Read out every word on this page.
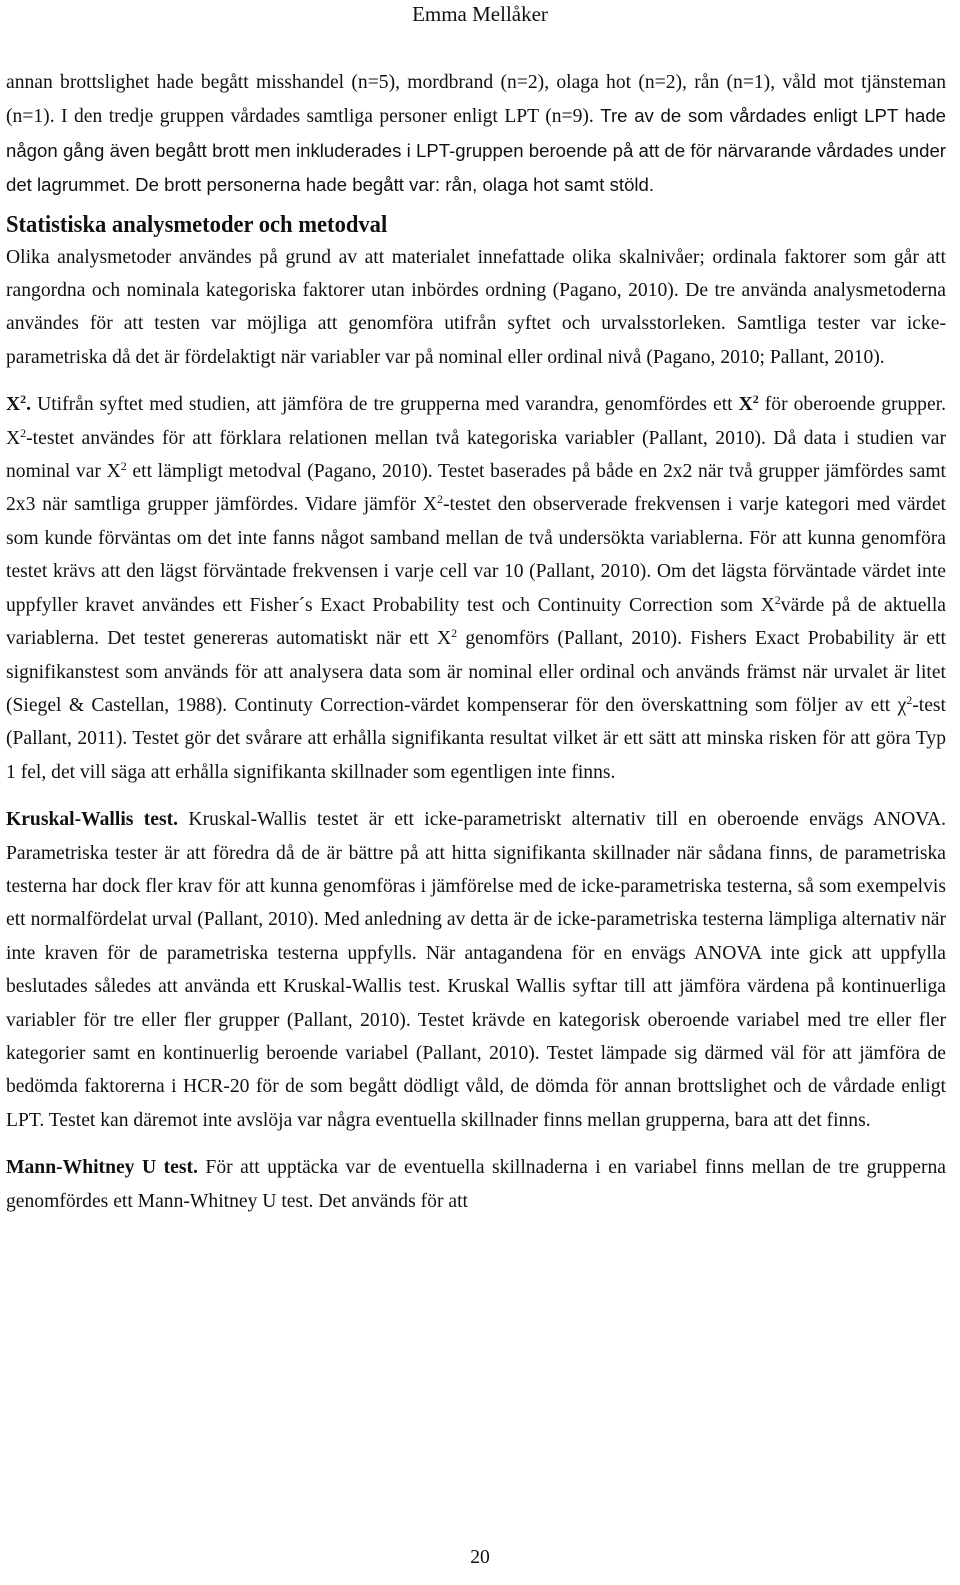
Emma Mellåker

annan brottslighet hade begått misshandel (n=5), mordbrand (n=2), olaga hot (n=2), rån (n=1), våld mot tjänsteman (n=1). I den tredje gruppen vårdades samtliga personer enligt LPT (n=9). Tre av de som vårdades enligt LPT hade någon gång även begått brott men inkluderades i LPT-gruppen beroende på att de för närvarande vårdades under det lagrummet. De brott personerna hade begått var: rån, olaga hot samt stöld.

Statistiska analysmetoder och metodval

Olika analysmetoder användes på grund av att materialet innefattade olika skalnivåer; ordinala faktorer som går att rangordna och nominala kategoriska faktorer utan inbördes ordning (Pagano, 2010). De tre använda analysmetoderna användes för att testen var möjliga att genomföra utifrån syftet och urvalsstorleken. Samtliga tester var icke-parametriska då det är fördelaktigt när variabler var på nominal eller ordinal nivå (Pagano, 2010; Pallant, 2010).

$X^2$. Utifrån syftet med studien, att jämföra de tre grupperna med varandra, genomfördes ett $X^2$ för oberoende grupper. $X^2$-testet användes för att förklara relationen mellan två kategoriska variabler (Pallant, 2010). Då data i studien var nominal var $X^2$ ett lämpligt metodval (Pagano, 2010). Testet baserades på både en 2x2 när två grupper jämfördes samt 2x3 när samtliga grupper jämfördes. Vidare jämför $X^2$-testet den observerade frekvensen i varje kategori med värdet som kunde förväntas om det inte fanns något samband mellan de två undersökta variablerna. För att kunna genomföra testet krävs att den lägst förväntade frekvensen i varje cell var 10 (Pallant, 2010). Om det lägsta förväntade värdet inte uppfyller kravet användes ett Fisher´s Exact Probability test och Continuity Correction som $X^2värde$ på de aktuella variablerna. Det testet genereras automatiskt när ett $X^2$ genomförs (Pallant, 2010). Fishers Exact Probability är ett signifikanstest som används för att analysera data som är nominal eller ordinal och används främst när urvalet är litet (Siegel & Castellan, 1988). Continuty Correction-värdet kompenserar för den överskattning som följer av ett $\chi^2$-test (Pallant, 2011). Testet gör det svårare att erhålla signifikanta resultat vilket är ett sätt att minska risken för att göra Typ 1 fel, det vill säga att erhålla signifikanta skillnader som egentligen inte finns.

Kruskal-Wallis test. Kruskal-Wallis testet är ett icke-parametriskt alternativ till en oberoende envägs ANOVA. Parametriska tester är att föredra då de är bättre på att hitta signifikanta skillnader när sådana finns, de parametriska testerna har dock fler krav för att kunna genomföras i jämförelse med de icke-parametriska testerna, så som exempelvis ett normalfördelat urval (Pallant, 2010). Med anledning av detta är de icke-parametriska testerna lämpliga alternativ när inte kraven för de parametriska testerna uppfylls. När antagandena för en envägs ANOVA inte gick att uppfylla beslutades således att använda ett Kruskal-Wallis test. Kruskal Wallis syftar till att jämföra värdena på kontinuerliga variabler för tre eller fler grupper (Pallant, 2010). Testet krävde en kategorisk oberoende variabel med tre eller fler kategorier samt en kontinuerlig beroende variabel (Pallant, 2010). Testet lämpade sig därmed väl för att jämföra de bedömda faktorerna i HCR-20 för de som begått dödligt våld, de dömda för annan brottslighet och de vårdade enligt LPT. Testet kan däremot inte avslöja var några eventuella skillnader finns mellan grupperna, bara att det finns.

Mann-Whitney U test. För att upptäcka var de eventuella skillnaderna i en variabel finns mellan de tre grupperna genomfördes ett Mann-Whitney U test. Det används för att

20
